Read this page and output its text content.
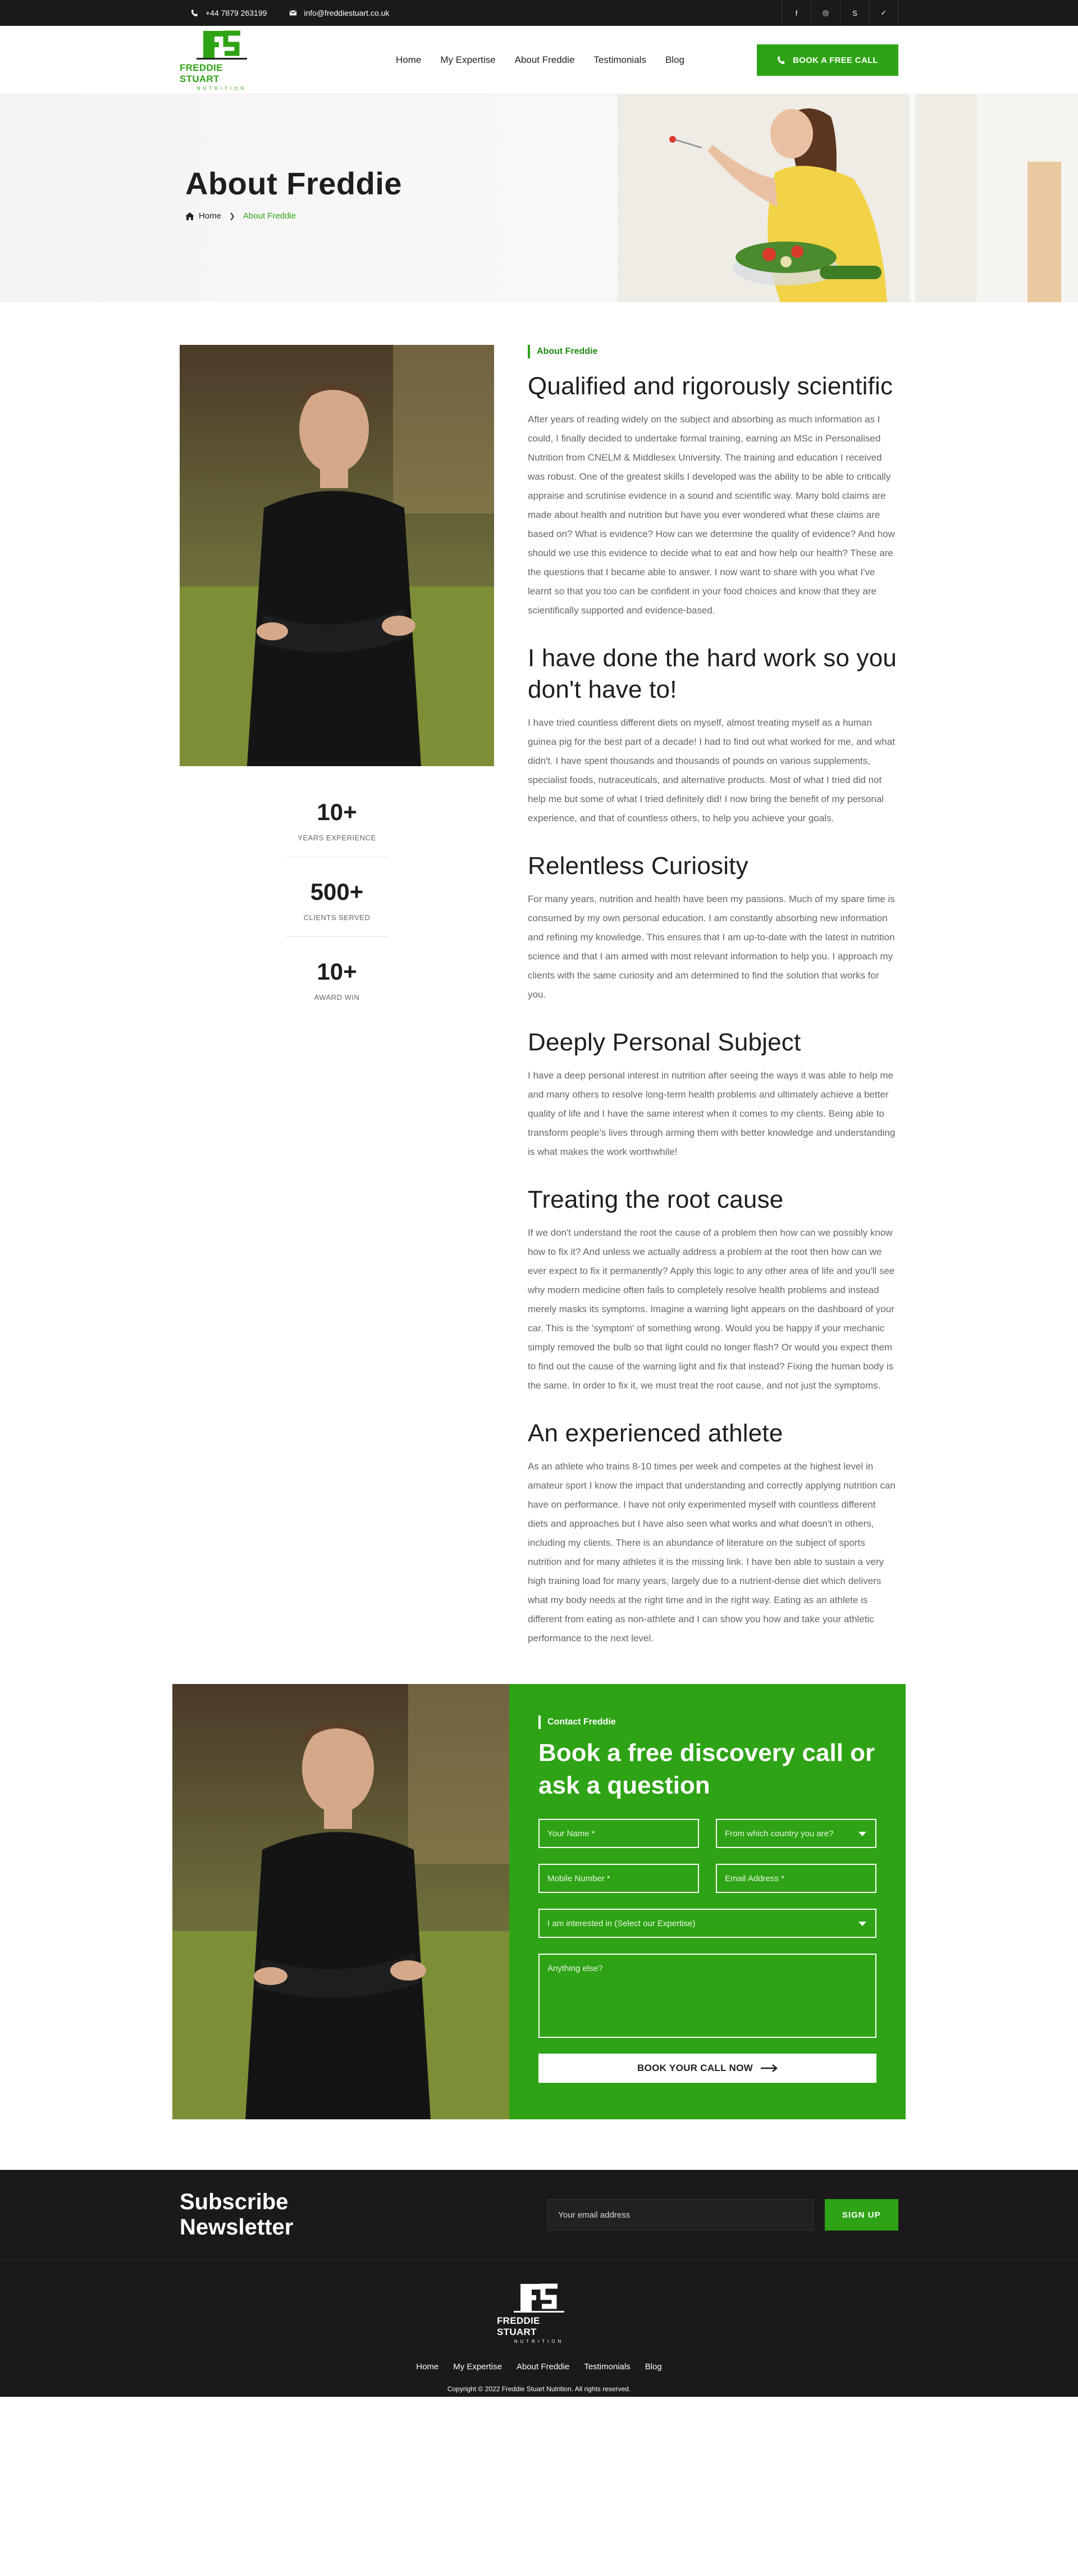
+44 7879 263199	info@freddiestuart.co.uk	f	◎	S	✓
FREDDIE STUART
NUTRITION
Home My Expertise About Freddie Testimonials Blog	BOOK A FREE CALL
About Freddie
Home ❯ About Freddie
10+
YEARS EXPERIENCE
500+
CLIENTS SERVED
10+
AWARD WIN
About Freddie
Qualified and rigorously scientific

After years of reading widely on the subject and absorbing as much information as I could, I finally decided to undertake formal training, earning an MSc in Personalised Nutrition from CNELM & Middlesex University. The training and education I received was robust. One of the greatest skills I developed was the ability to be able to critically appraise and scrutinise evidence in a sound and scientific way. Many bold claims are made about health and nutrition but have you ever wondered what these claims are based on? What is evidence? How can we determine the quality of evidence? And how should we use this evidence to decide what to eat and how help our health? These are the questions that I became able to answer. I now want to share with you what I've learnt so that you too can be confident in your food choices and know that they are scientifically supported and evidence-based.

I have done the hard work so you don't have to!

I have tried countless different diets on myself, almost treating myself as a human guinea pig for the best part of a decade! I had to find out what worked for me, and what didn't. I have spent thousands and thousands of pounds on various supplements, specialist foods, nutraceuticals, and alternative products. Most of what I tried did not help me but some of what I tried definitely did! I now bring the benefit of my personal experience, and that of countless others, to help you achieve your goals.

Relentless Curiosity

For many years, nutrition and health have been my passions. Much of my spare time is consumed by my own personal education. I am constantly absorbing new information and refining my knowledge. This ensures that I am up-to-date with the latest in nutrition science and that I am armed with most relevant information to help you. I approach my clients with the same curiosity and am determined to find the solution that works for you.

Deeply Personal Subject

I have a deep personal interest in nutrition after seeing the ways it was able to help me and many others to resolve long-term health problems and ultimately achieve a better quality of life and I have the same interest when it comes to my clients. Being able to transform people's lives through arming them with better knowledge and understanding is what makes the work worthwhile!

Treating the root cause

If we don't understand the root the cause of a problem then how can we possibly know how to fix it? And unless we actually address a problem at the root then how can we ever expect to fix it permanently? Apply this logic to any other area of life and you'll see why modern medicine often fails to completely resolve health problems and instead merely masks its symptoms. Imagine a warning light appears on the dashboard of your car. This is the 'symptom' of something wrong. Would you be happy if your mechanic simply removed the bulb so that light could no longer flash? Or would you expect them to find out the cause of the warning light and fix that instead? Fixing the human body is the same. In order to fix it, we must treat the root cause, and not just the symptoms.

An experienced athlete

As an athlete who trains 8-10 times per week and competes at the highest level in amateur sport I know the impact that understanding and correctly applying nutrition can have on performance. I have not only experimented myself with countless different diets and approaches but I have also seen what works and what doesn't in others, including my clients. There is an abundance of literature on the subject of sports nutrition and for many athletes it is the missing link. I have ben able to sustain a very high training load for many years, largely due to a nutrient-dense diet which delivers what my body needs at the right time and in the right way. Eating as an athlete is different from eating as non-athlete and I can show you how and take your athletic performance to the next level.

Contact Freddie
Book a free discovery call or ask a question
Your Name *	From which country you are?
Mobile Number *	Email Address *
I am interested in (Select our Expertise)
Anything else?
BOOK YOUR CALL NOW
Subscribe Newsletter	Your email address	SIGN UP
FREDDIE STUART
NUTRITION
Home My Expertise About Freddie Testimonials Blog
Copyright © 2022 Freddie Stuart Nutrition. All rights reserved.
